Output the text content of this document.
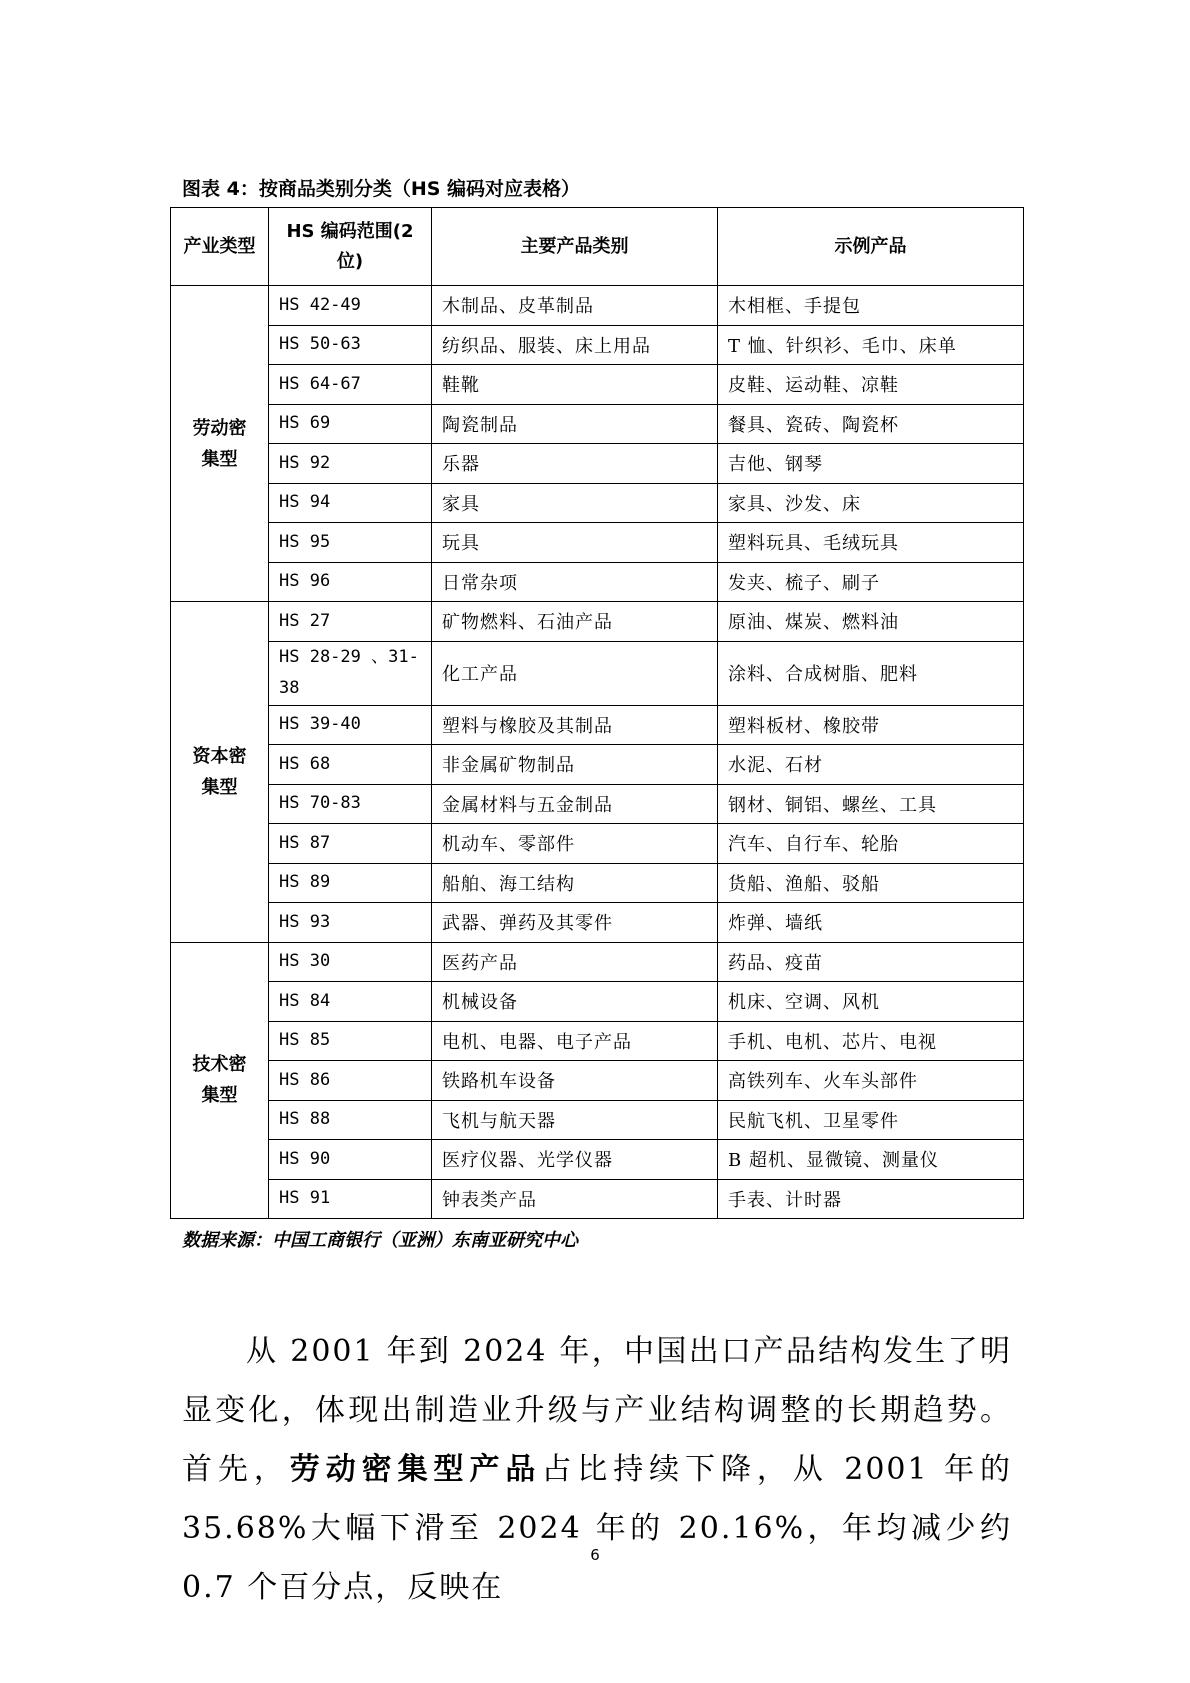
图表 4：按商品类别分类（HS 编码对应表格）
产业类型	HS 编码范围(2位)	主要产品类别	示例产品
劳动密
集型	HS 42-49	木制品、皮革制品	木相框、手提包
	HS 50-63	纺织品、服装、床上用品	T 恤、针织衫、毛巾、床单
	HS 64-67	鞋靴	皮鞋、运动鞋、凉鞋
	HS 69	陶瓷制品	餐具、瓷砖、陶瓷杯
	HS 92	乐器	吉他、钢琴
	HS 94	家具	家具、沙发、床
	HS 95	玩具	塑料玩具、毛绒玩具
	HS 96	日常杂项	发夹、梳子、刷子
资本密
集型	HS 27	矿物燃料、石油产品	原油、煤炭、燃料油
	HS 28-29 、31-38	化工产品	涂料、合成树脂、肥料
	HS 39-40	塑料与橡胶及其制品	塑料板材、橡胶带
	HS 68	非金属矿物制品	水泥、石材
	HS 70-83	金属材料与五金制品	钢材、铜铝、螺丝、工具
	HS 87	机动车、零部件	汽车、自行车、轮胎
	HS 89	船舶、海工结构	货船、渔船、驳船
	HS 93	武器、弹药及其零件	炸弹、墙纸
技术密
集型	HS 30	医药产品	药品、疫苗
	HS 84	机械设备	机床、空调、风机
	HS 85	电机、电器、电子产品	手机、电机、芯片、电视
	HS 86	铁路机车设备	高铁列车、火车头部件
	HS 88	飞机与航天器	民航飞机、卫星零件
	HS 90	医疗仪器、光学仪器	B 超机、显微镜、测量仪
	HS 91	钟表类产品	手表、计时器
数据来源：中国工商银行（亚洲）东南亚研究中心

从 2001 年到 2024 年，中国出口产品结构发生了明显变化，体现出制造业升级与产业结构调整的长期趋势。首先，劳动密集型产品占比持续下降，从 2001 年的 35.68%大幅下滑至 2024 年的 20.16%，年均减少约 0.7 个百分点，反映在

6
